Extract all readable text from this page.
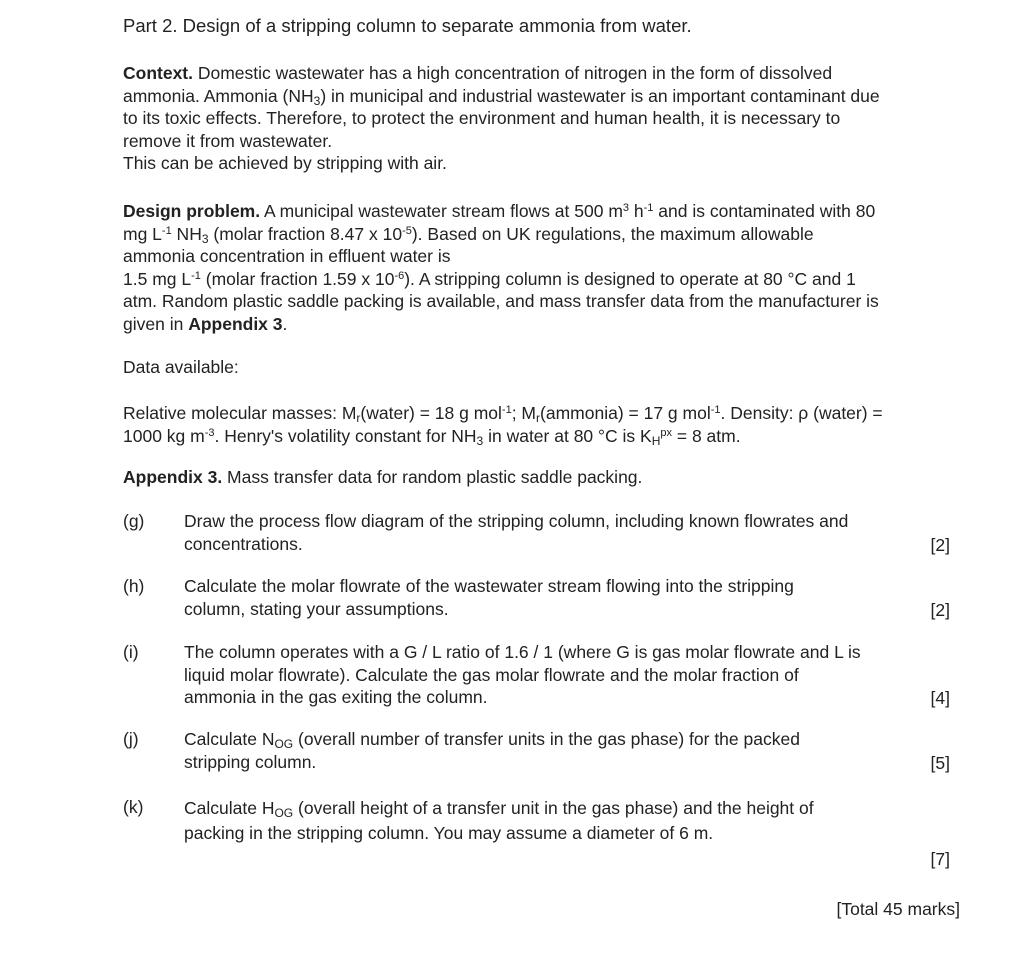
Part 2. Design of a stripping column to separate ammonia from water.
Context. Domestic wastewater has a high concentration of nitrogen in the form of dissolved ammonia. Ammonia $(NH_3)$ in municipal and industrial wastewater is an important contaminant due to its toxic effects. Therefore, to protect the environment and human health, it is necessary to remove it from wastewater.
This can be achieved by stripping with air.
Design problem. A municipal wastewater stream flows at 500 $m^3$ $h^{-1}$ and is contaminated with 80 mg $L^{-1}$ $NH_3$ (molar fraction 8.47 x $10^{-5}$). Based on UK regulations, the maximum allowable ammonia concentration in effluent water is
1.5 mg $L^{-1}$ (molar fraction 1.59 x $10^{-6}$). A stripping column is designed to operate at 80 °C and 1 atm. Random plastic saddle packing is available, and mass transfer data from the manufacturer is given in Appendix 3.
Data available:
Relative molecular masses: $M_r(water) = 18$ g mol$^{-1}$; $M_r(ammonia) = 17$ g mol$^{-1}$. Density: ρ (water) = 1000 kg $m^{-3}$. Henry's volatility constant for $NH_3$ in water at 80 °C is $K_H^{px} = 8$ atm.
Appendix 3. Mass transfer data for random plastic saddle packing.
(g) Draw the process flow diagram of the stripping column, including known flowrates and concentrations.	[2]
(h) Calculate the molar flowrate of the wastewater stream flowing into the stripping column, stating your assumptions.	[2]
(i)	The column operates with a G / L ratio of 1.6 / 1 (where G is gas molar flowrate and L is liquid molar flowrate). Calculate the gas molar flowrate and the molar fraction of ammonia in the gas exiting the column.	[4]
(j)	Calculate $N_{OG}$ (overall number of transfer units in the gas phase) for the packed stripping column.	[5]
(k) Calculate $H_{OG}$ (overall height of a transfer unit in the gas phase) and the height of packing in the stripping column. You may assume a diameter of 6 m.
[7]
[Total 45 marks]
